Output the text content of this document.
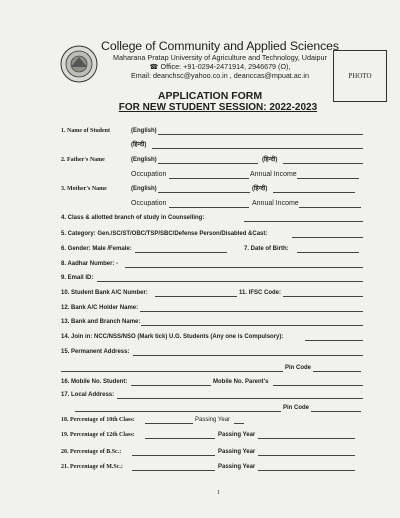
College of Community and Applied Sciences
Maharana Pratap University of Agriculture and Technology, Udaipur
☎ Office: +91-0294-2471914, 2946679 (O),
Email: deanchsc@yahoo.co.in , deanccas@mpuat.ac.in	PHOTO
APPLICATION FORM
FOR NEW STUDENT SESSION: 2022-2023
1. Name of Student	(English)
(हिन्दी)
2. Father's Name	(English)	(हिन्दी)
Occupation	Annual Income
3. Mother's Name	(English)	(हिन्दी)
Occupation	Annual Income
4. Class & allotted branch of study in Counselling:
5. Category: Gen./SC/ST/OBC/TSP/SBC/Defense Person/Disabled &Cast:
6. Gender: Male /Female:	7. Date of Birth:
8. Aadhar Number: -
9. Email ID:
10. Student Bank A/C Number:	11. IFSC Code:
12. Bank A/C Holder Name:
13. Bank and Branch Name:
14. Join in: NCC/NSS/NSO (Mark tick) U.G. Students (Any one is Compulsory):
15. Permanent Address:
Pin Code
16. Mobile No. Student:	Mobile No. Parent's
17. Local Address:
Pin Code
18. Percentage of 10th Class:	Passing Year
19. Percentage of 12th Class:	Passing Year
20. Percentage of B.Sc.:	Passing Year
21. Percentage of M.Sc.:	Passing Year
1
